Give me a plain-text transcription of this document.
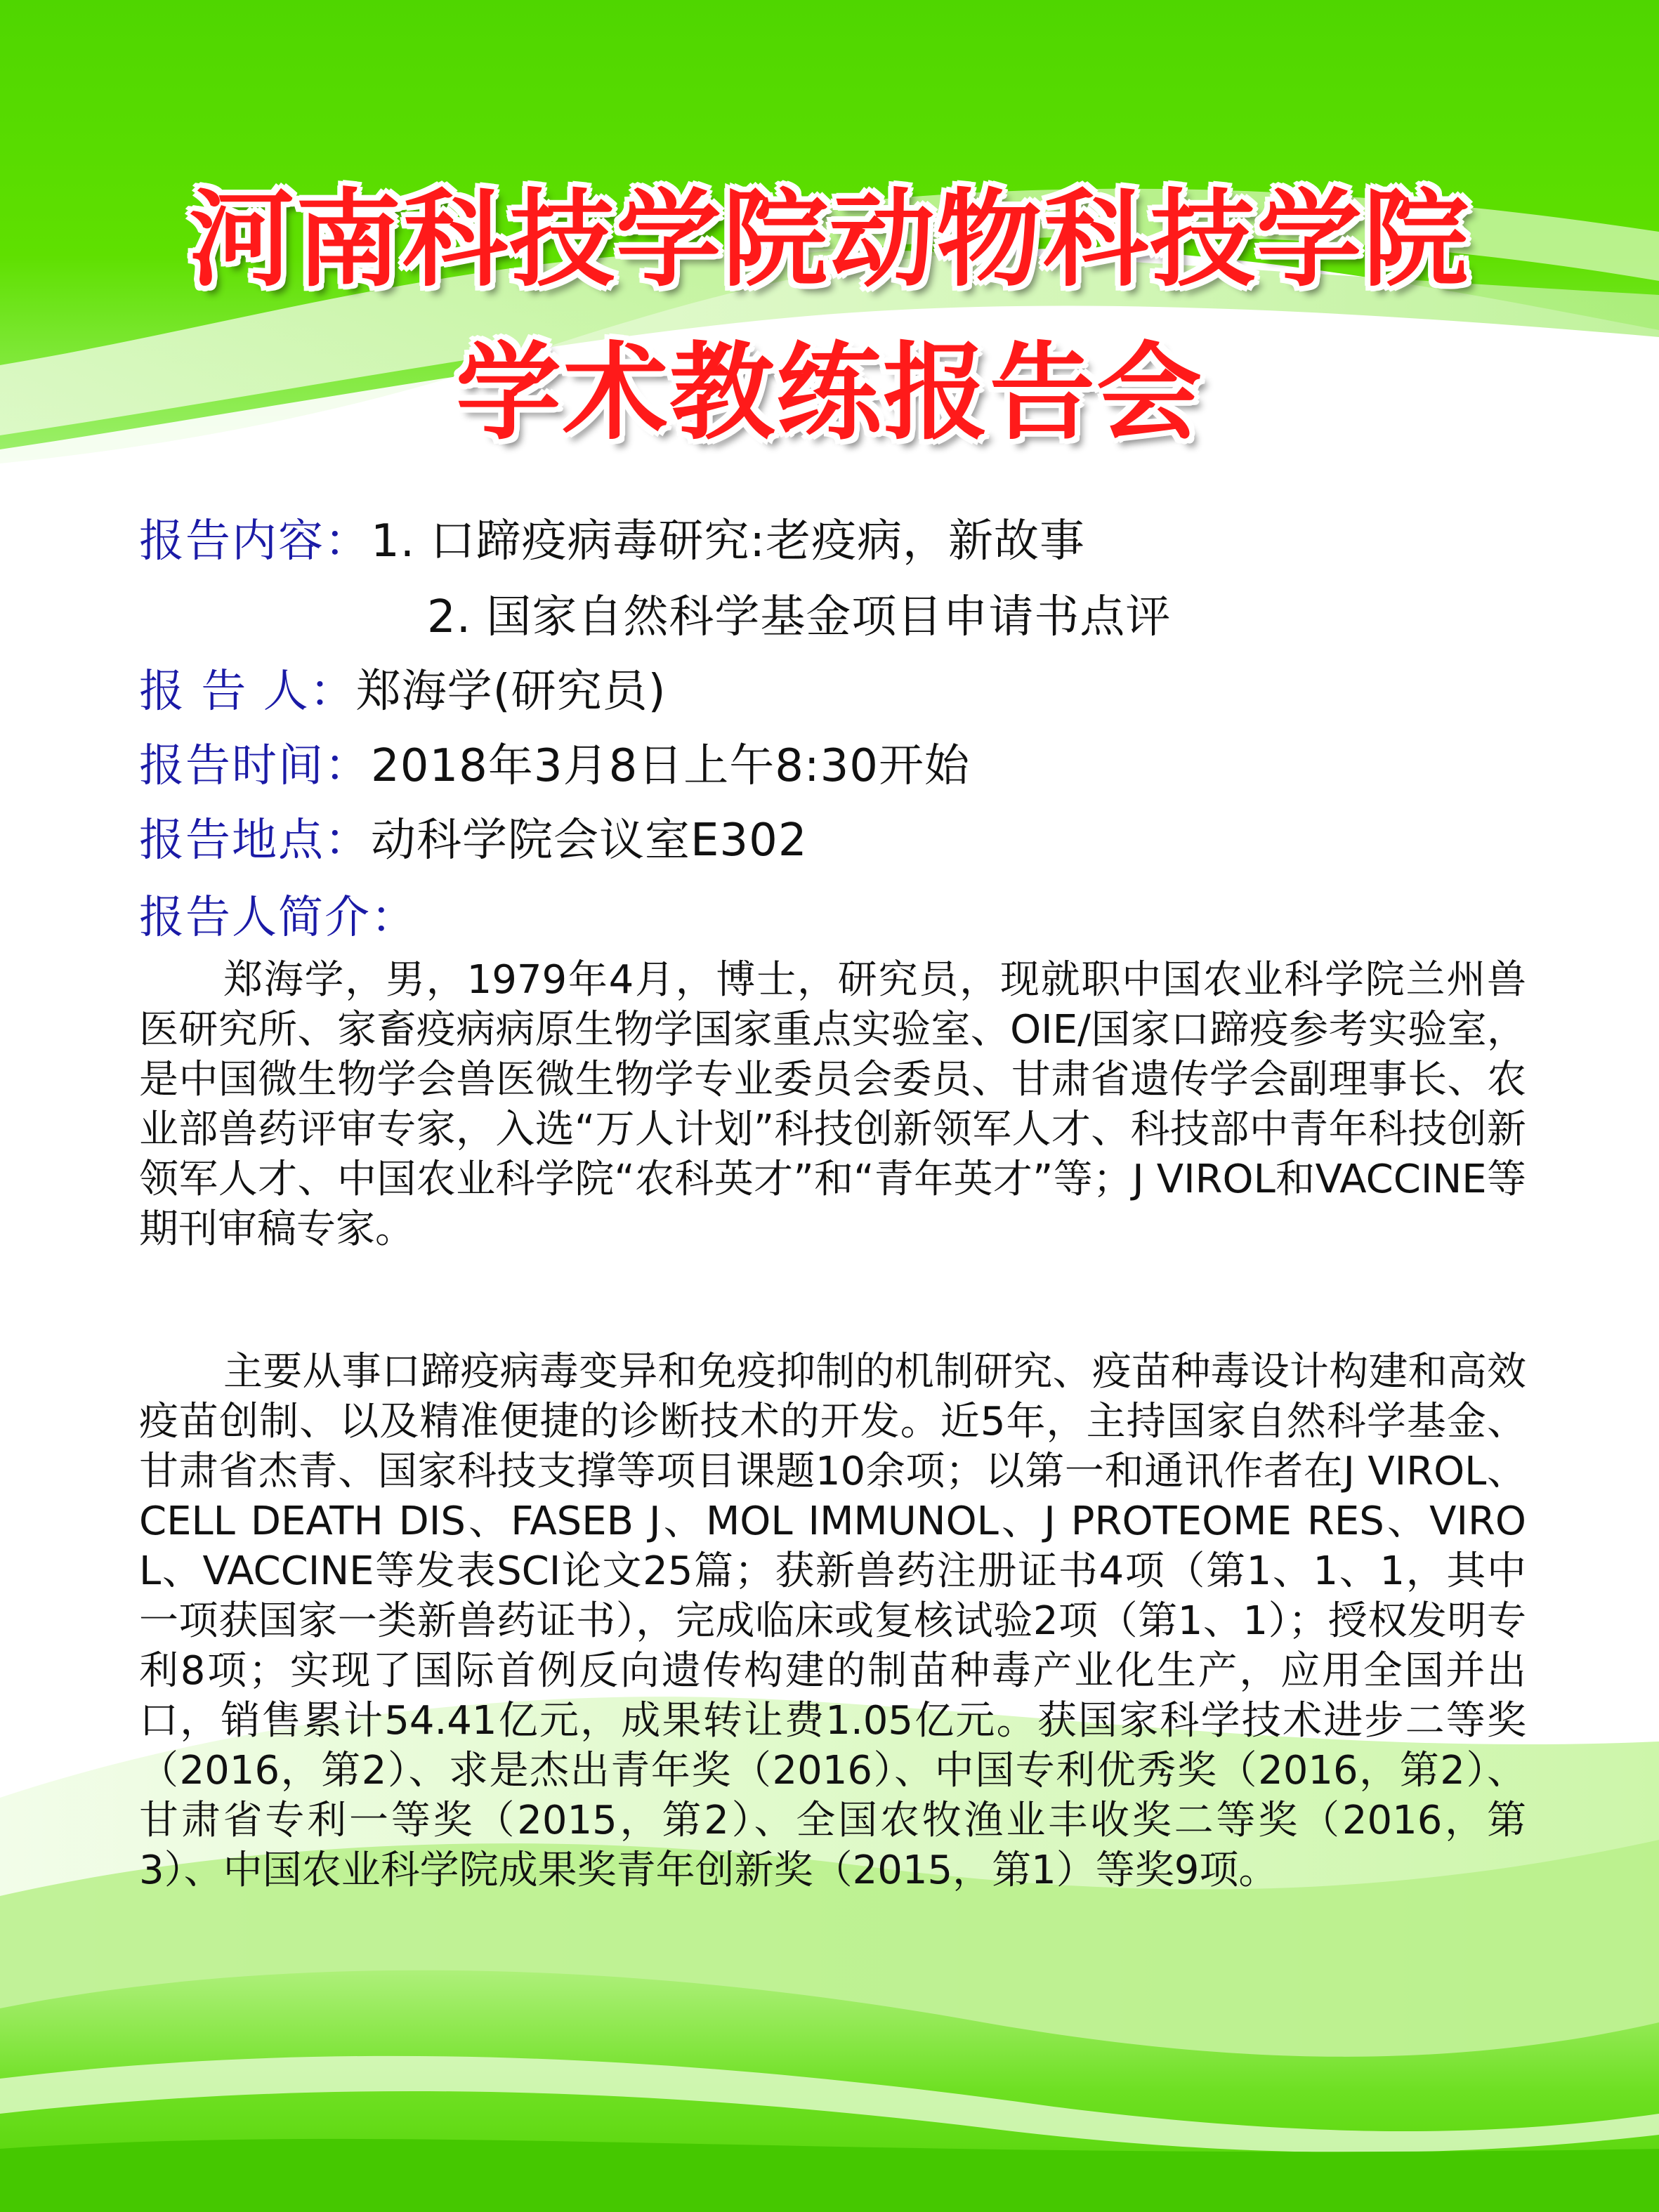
河南科技学院动物科技学院
学术教练报告会
报告内容： 1. 口蹄疫病毒研究:老疫病，新故事
2. 国家自然科学基金项目申请书点评
报 告 人： 郑海学(研究员)
报告时间： 2018年3月8日上午8:30开始
报告地点： 动科学院会议室E302
报告人简介：

郑海学，男，1979年4月，博士，研究员，现就职中国农业科学院兰州兽医研究所、家畜疫病病原生物学国家重点实验室、OIE/国家口蹄疫参考实验室，是中国微生物学会兽医微生物学专业委员会委员、甘肃省遗传学会副理事长、农业部兽药评审专家，入选“万人计划”科技创新领军人才、科技部中青年科技创新领军人才、中国农业科学院“农科英才”和“青年英才”等；J VIROL和VACCINE等期刊审稿专家。

主要从事口蹄疫病毒变异和免疫抑制的机制研究、疫苗种毒设计构建和高效疫苗创制、以及精准便捷的诊断技术的开发。近5年，主持国家自然科学基金、甘肃省杰青、国家科技支撑等项目课题10余项；以第一和通讯作者在J VIROL、CELL DEATH DIS、FASEB J、MOL IMMUNOL、J PROTEOME RES、VIROL、VACCINE等发表SCI论文25篇；获新兽药注册证书4项（第1、1、1，其中一项获国家一类新兽药证书），完成临床或复核试验2项（第1、1）；授权发明专利8项；实现了国际首例反向遗传构建的制苗种毒产业化生产，应用全国并出口，销售累计54.41亿元，成果转让费1.05亿元。获国家科学技术进步二等奖（2016，第2）、求是杰出青年奖（2016）、中国专利优秀奖（2016，第2）、甘肃省专利一等奖（2015，第2）、全国农牧渔业丰收奖二等奖（2016，第3）、中国农业科学院成果奖青年创新奖（2015，第1）等奖9项。
